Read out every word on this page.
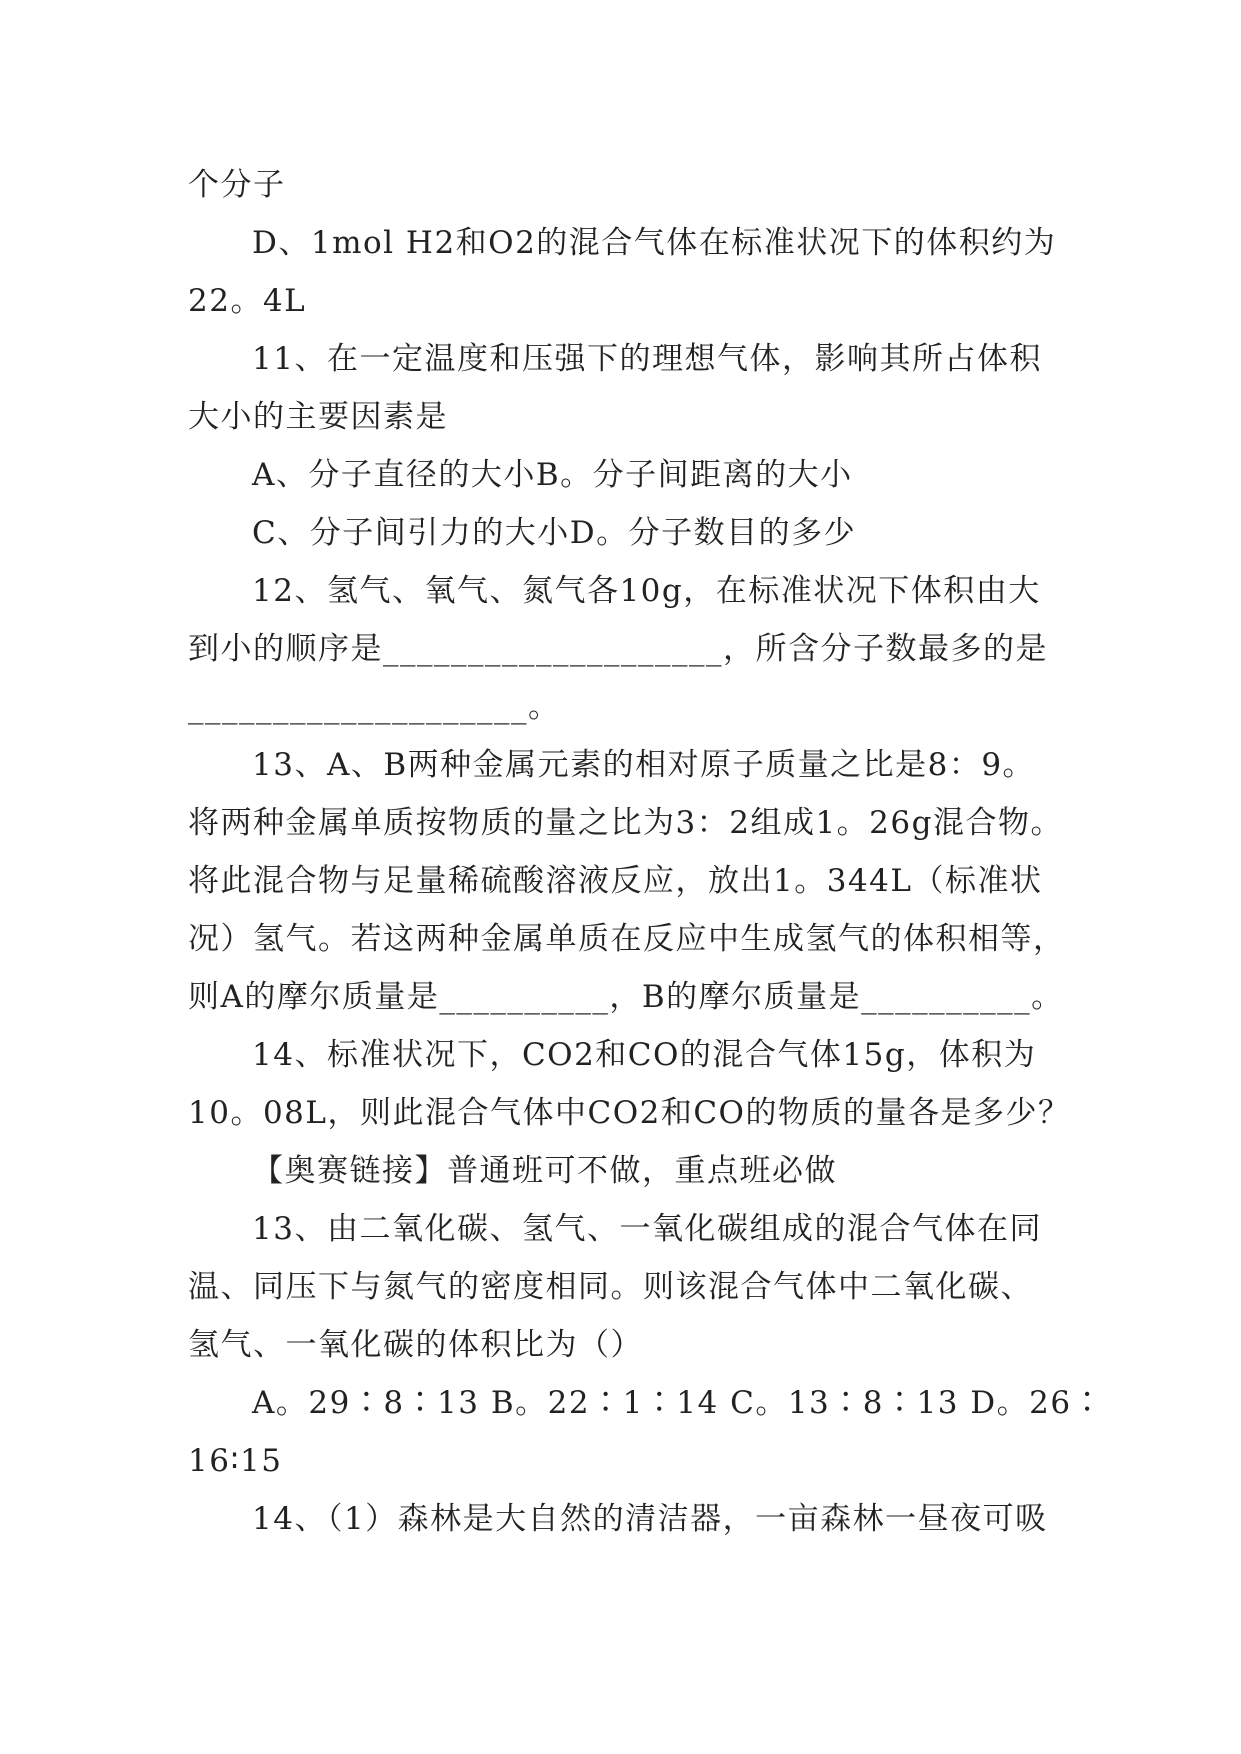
个分子

D、1mol H2和O2的混合气体在标准状况下的体积约为

22。4L

11、在一定温度和压强下的理想气体，影响其所占体积

大小的主要因素是

A、分子直径的大小B。分子间距离的大小

C、分子间引力的大小D。分子数目的多少

12、氢气、氧气、氮气各10g，在标准状况下体积由大

到小的顺序是____________________，所含分子数最多的是

____________________。

13、A、B两种金属元素的相对原子质量之比是8：9。

将两种金属单质按物质的量之比为3：2组成1。26g混合物。

将此混合物与足量稀硫酸溶液反应，放出1。344L（标准状

况）氢气。若这两种金属单质在反应中生成氢气的体积相等，

则A的摩尔质量是__________，B的摩尔质量是__________。

14、标准状况下，CO2和CO的混合气体15g，体积为

10。08L，则此混合气体中CO2和CO的物质的量各是多少？

【奥赛链接】普通班可不做，重点班必做

13、由二氧化碳、氢气、一氧化碳组成的混合气体在同

温、同压下与氮气的密度相同。则该混合气体中二氧化碳、

氢气、一氧化碳的体积比为（）

A。29∶8∶13 B。22∶1∶14 C。13∶8∶13 D。26∶

16∶15

14、（1）森林是大自然的清洁器，一亩森林一昼夜可吸
